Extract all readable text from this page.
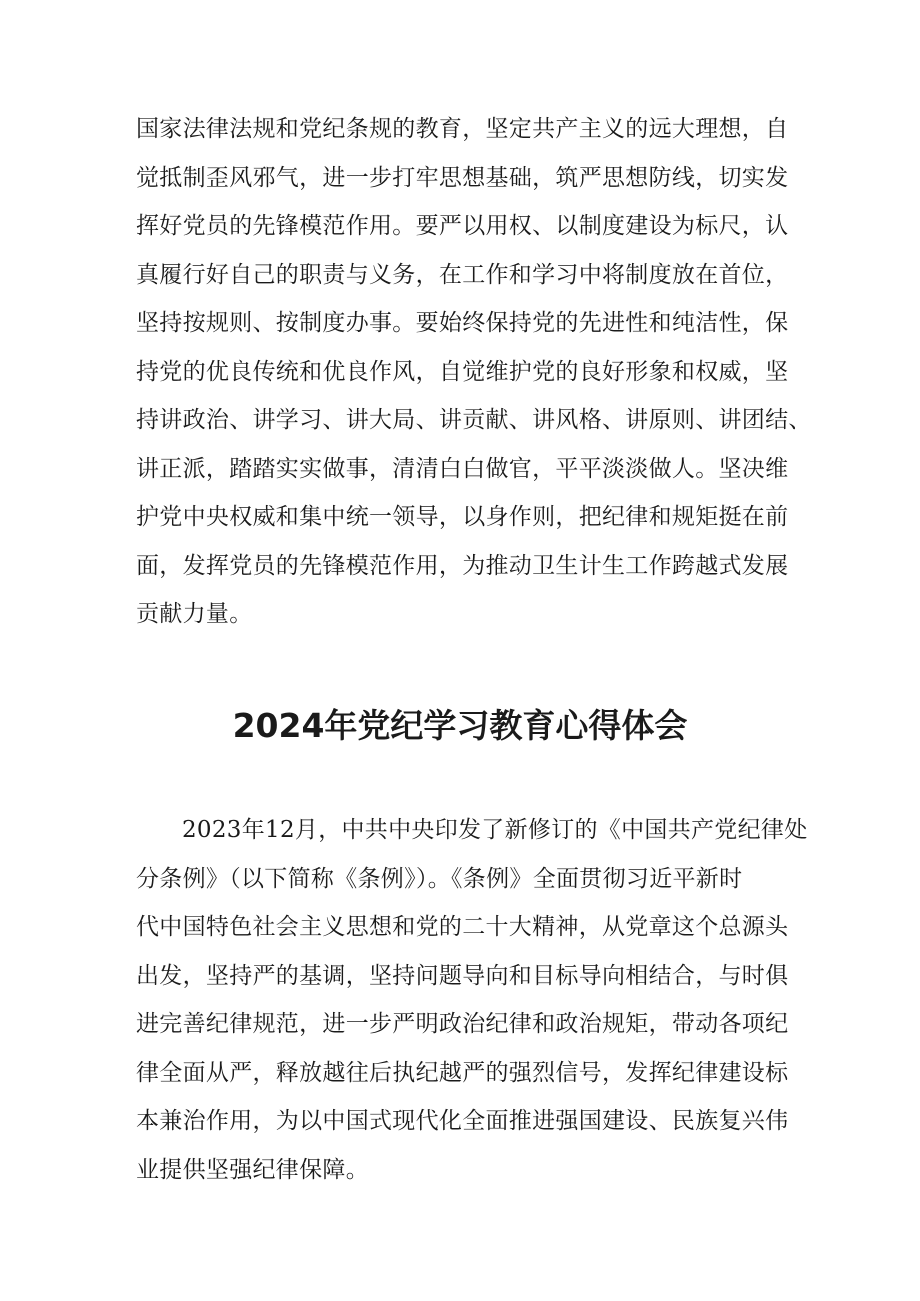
国家法律法规和党纪条规的教育，坚定共产主义的远大理想，自
觉抵制歪风邪气，进一步打牢思想基础，筑严思想防线，切实发
挥好党员的先锋模范作用。要严以用权、以制度建设为标尺，认
真履行好自己的职责与义务，在工作和学习中将制度放在首位，
坚持按规则、按制度办事。要始终保持党的先进性和纯洁性，保
持党的优良传统和优良作风，自觉维护党的良好形象和权威，坚
持讲政治、讲学习、讲大局、讲贡献、讲风格、讲原则、讲团结、
讲正派，踏踏实实做事，清清白白做官，平平淡淡做人。坚决维
护党中央权威和集中统一领导，以身作则，把纪律和规矩挺在前
面，发挥党员的先锋模范作用，为推动卫生计生工作跨越式发展
贡献力量。
2024年党纪学习教育心得体会
2023年12月，中共中央印发了新修订的《中国共产党纪律处
分条例》（以下简称《条例》）。《条例》全面贯彻习近平新时
代中国特色社会主义思想和党的二十大精神，从党章这个总源头
出发，坚持严的基调，坚持问题导向和目标导向相结合，与时俱
进完善纪律规范，进一步严明政治纪律和政治规矩，带动各项纪
律全面从严，释放越往后执纪越严的强烈信号，发挥纪律建设标
本兼治作用，为以中国式现代化全面推进强国建设、民族复兴伟
业提供坚强纪律保障。
